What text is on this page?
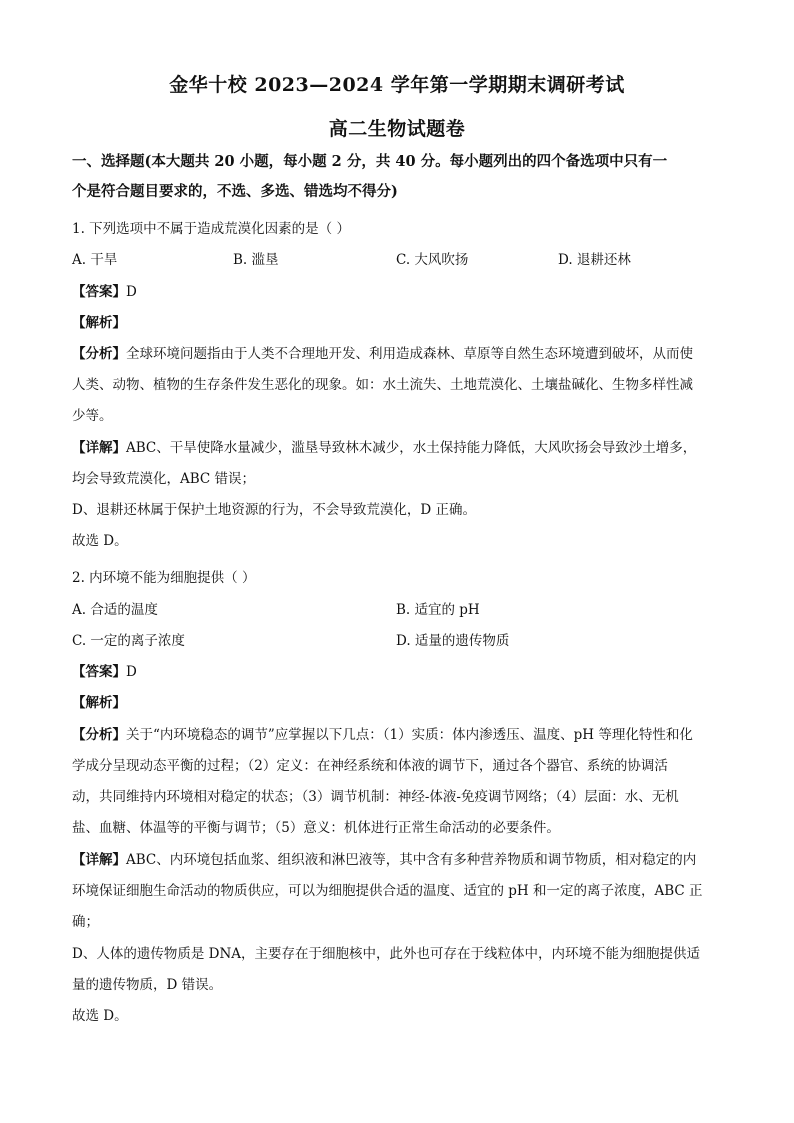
金华十校 2023—2024 学年第一学期期末调研考试
高二生物试题卷
一、选择题(本大题共 20 小题，每小题 2 分，共 40 分。每小题列出的四个备选项中只有一
个是符合题目要求的，不选、多选、错选均不得分)
1. 下列选项中不属于造成荒漠化因素的是（ ）
A. 干旱	B. 滥垦	C. 大风吹扬	D. 退耕还林
【答案】D
【解析】
【分析】全球环境问题指由于人类不合理地开发、利用造成森林、草原等自然生态环境遭到破坏，从而使
人类、动物、植物的生存条件发生恶化的现象。如：水土流失、土地荒漠化、土壤盐碱化、生物多样性减
少等。
【详解】ABC、干旱使降水量减少，滥垦导致林木减少，水土保持能力降低，大风吹扬会导致沙土增多，
均会导致荒漠化，ABC 错误；
D、退耕还林属于保护土地资源的行为，不会导致荒漠化，D 正确。
故选 D。
2. 内环境不能为细胞提供（ ）
A. 合适的温度	B. 适宜的 pH
C. 一定的离子浓度	D. 适量的遗传物质
【答案】D
【解析】
【分析】关于“内环境稳态的调节”应掌握以下几点：（1）实质：体内渗透压、温度、pH 等理化特性和化
学成分呈现动态平衡的过程；（2）定义：在神经系统和体液的调节下，通过各个器官、系统的协调活
动，共同维持内环境相对稳定的状态；（3）调节机制：神经-体液-免疫调节网络；（4）层面：水、无机
盐、血糖、体温等的平衡与调节；（5）意义：机体进行正常生命活动的必要条件。
【详解】ABC、内环境包括血浆、组织液和淋巴液等，其中含有多种营养物质和调节物质，相对稳定的内
环境保证细胞生命活动的物质供应，可以为细胞提供合适的温度、适宜的 pH 和一定的离子浓度，ABC 正
确；
D、人体的遗传物质是 DNA，主要存在于细胞核中，此外也可存在于线粒体中，内环境不能为细胞提供适
量的遗传物质，D 错误。
故选 D。
